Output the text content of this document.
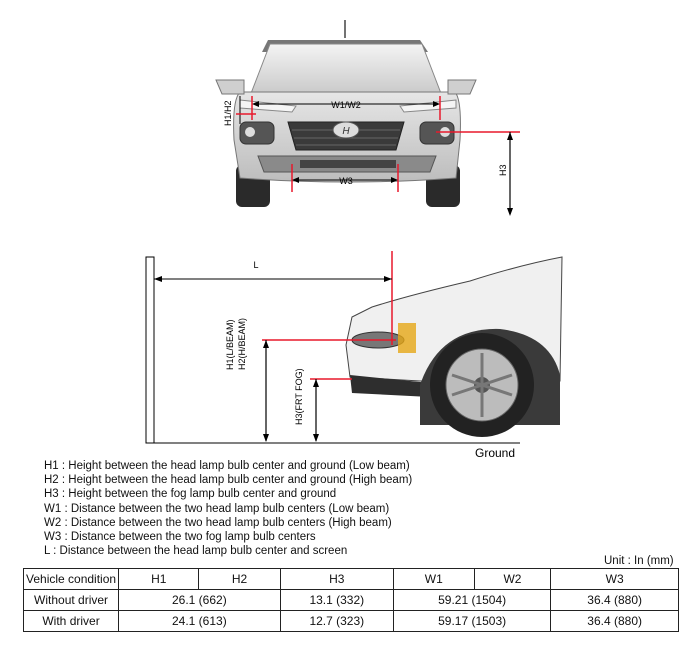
H
W1/W2
H1/H2
W3
H3
Ground
L
H1(L/BEAM) H2(H/BEAM)
H3(FRT FOG)
H1 : Height between the head lamp bulb center and ground (Low beam)
H2 : Height between the head lamp bulb center and ground (High beam)
H3 : Height between the fog lamp bulb center and ground
W1 : Distance between the two head lamp bulb centers (Low beam)
W2 : Distance between the two head lamp bulb centers (High beam)
W3 : Distance between the two fog lamp bulb centers
L : Distance between the head lamp bulb center and screen
Unit : In (mm)
Vehicle condition	H1	H2	H3	W1	W2	W3
Without driver	26.1 (662)		13.1 (332)	59.21 (1504)		36.4 (880)
With driver	24.1 (613)		12.7 (323)	59.17 (1503)		36.4 (880)
